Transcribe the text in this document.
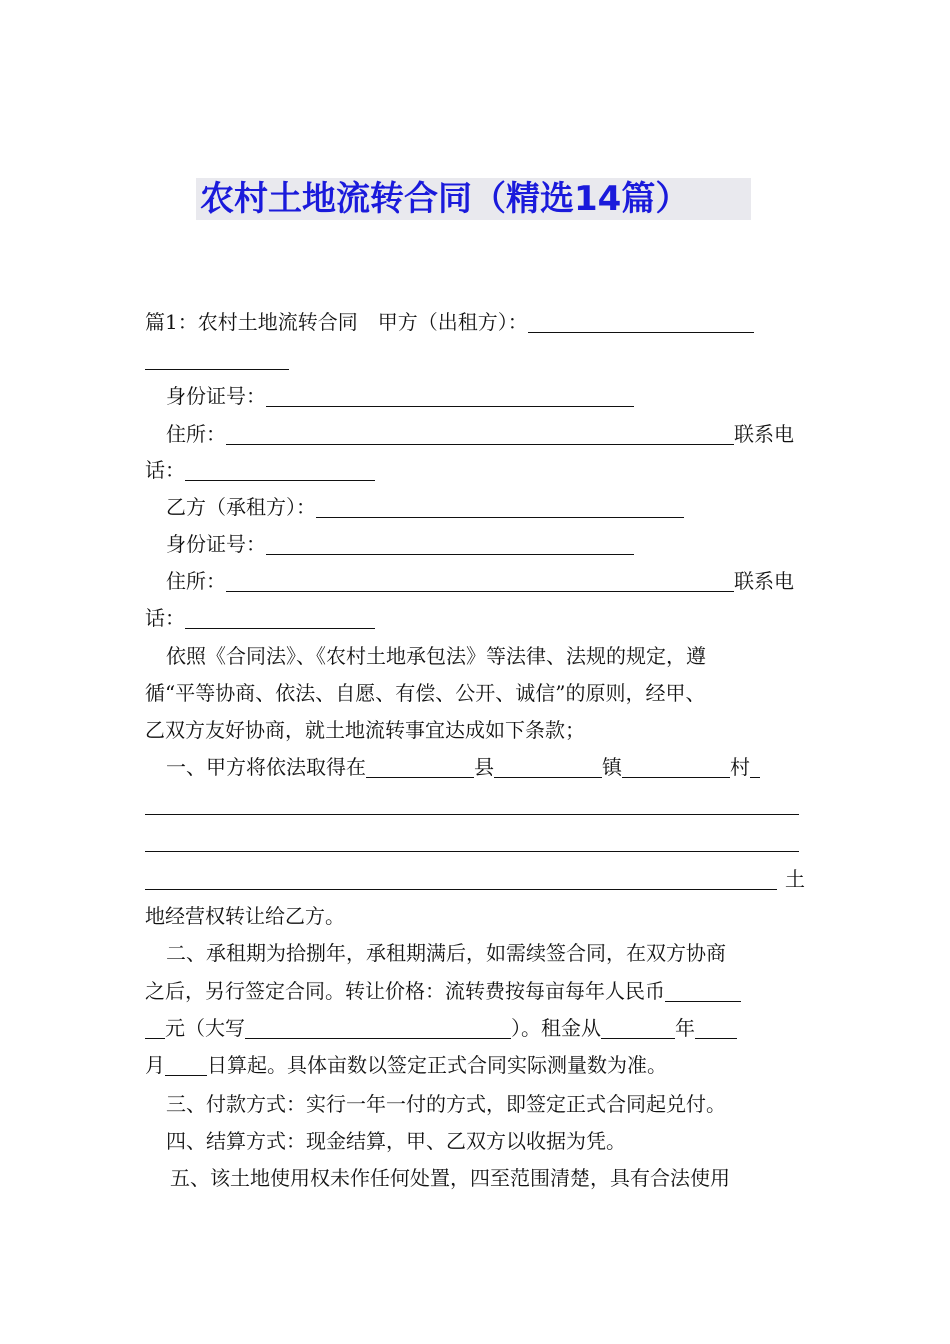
农村土地流转合同（精选14篇）
篇1：农村土地流转合同　甲方（出租方）：
身份证号：
住所：	联系电
话：
乙方（承租方）：
身份证号：
住所：	联系电
话：
依照《合同法》、《农村土地承包法》等法律、法规的规定，遵
循“平等协商、依法、自愿、有偿、公开、诚信”的原则，经甲、
乙双方友好协商，就土地流转事宜达成如下条款；
一、甲方将依法取得在	县	镇	村
土
地经营权转让给乙方。
二、承租期为拾捌年，承租期满后，如需续签合同，在双方协商
之后，另行签定合同。转让价格：流转费按每亩每年人民币
元（大写	）。租金从	年
月 日算起。具体亩数以签定正式合同实际测量数为准。
三、付款方式：实行一年一付的方式，即签定正式合同起兑付。
四、结算方式：现金结算，甲、乙双方以收据为凭。
五、该土地使用权未作任何处置，四至范围清楚，具有合法使用
